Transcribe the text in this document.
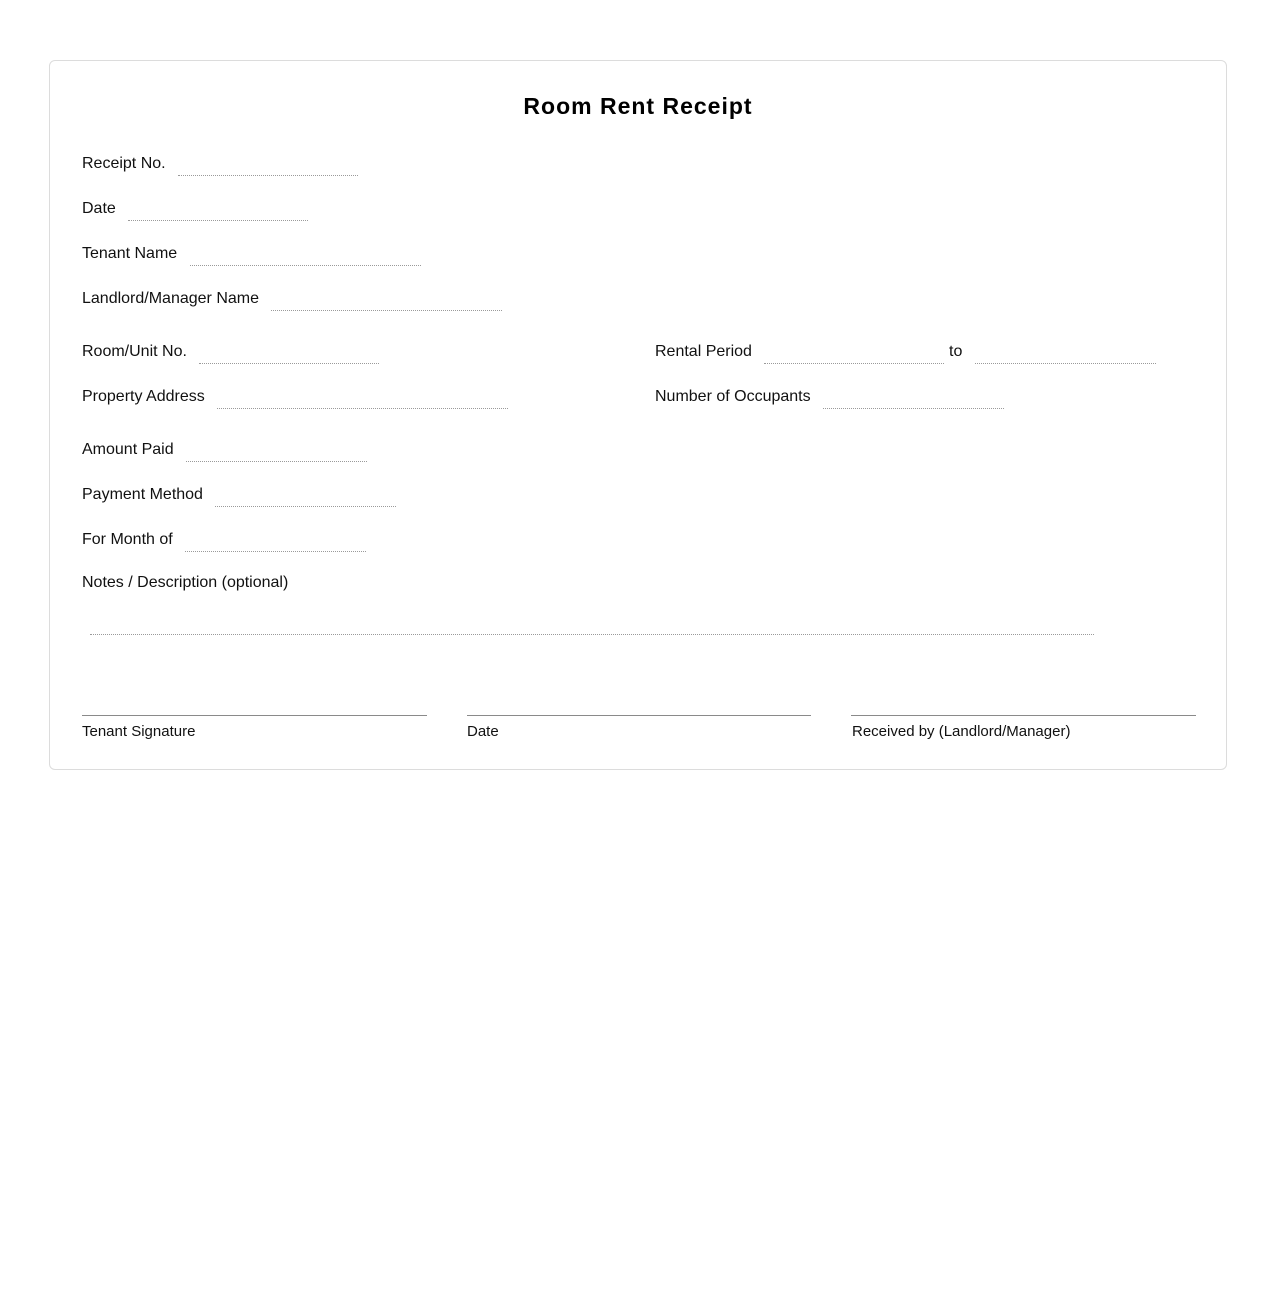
Room Rent Receipt
Receipt No.
Date
Tenant Name
Landlord/Manager Name
Room/Unit No.	Rental Period	to
Property Address	Number of Occupants
Amount Paid
Payment Method
For Month of
Notes / Description (optional)
Tenant Signature	Date	Received by (Landlord/Manager)
